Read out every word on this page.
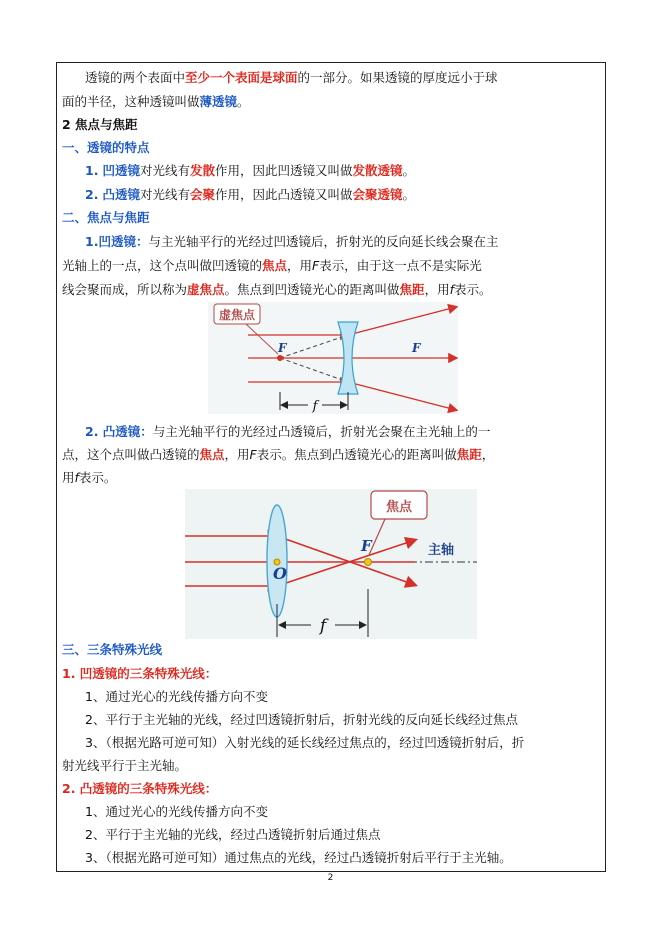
透镜的两个表面中至少一个表面是球面的一部分。如果透镜的厚度远小于球
面的半径，这种透镜叫做薄透镜。
2 焦点与焦距
一、透镜的特点
1. 凹透镜对光线有发散作用，因此凹透镜又叫做发散透镜。
2. 凸透镜对光线有会聚作用，因此凸透镜又叫做会聚透镜。
二、焦点与焦距
1.凹透镜：与主光轴平行的光经过凹透镜后，折射光的反向延长线会聚在主
光轴上的一点，这个点叫做凹透镜的焦点，用F表示，由于这一点不是实际光
线会聚而成，所以称为虚焦点。焦点到凹透镜光心的距离叫做焦距，用f表示。
F	F
虚焦点
f
2. 凸透镜：与主光轴平行的光经过凸透镜后，折射光会聚在主光轴上的一
点，这个点叫做凸透镜的焦点，用F表示。焦点到凸透镜光心的距离叫做焦距，
用f表示。
O
F	主轴
焦点
f
三、三条特殊光线
1. 凹透镜的三条特殊光线：
1、通过光心的光线传播方向不变
2、平行于主光轴的光线，经过凹透镜折射后，折射光线的反向延长线经过焦点
3、（根据光路可逆可知）入射光线的延长线经过焦点的，经过凹透镜折射后，折
射光线平行于主光轴。
2. 凸透镜的三条特殊光线：
1、通过光心的光线传播方向不变
2、平行于主光轴的光线，经过凸透镜折射后通过焦点
3、（根据光路可逆可知）通过焦点的光线，经过凸透镜折射后平行于主光轴。
2
